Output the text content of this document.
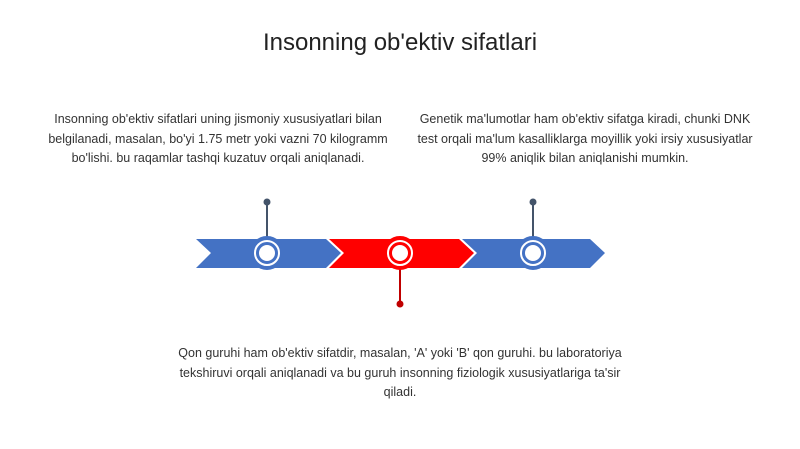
Insonning ob'ektiv sifatlari
Insonning ob'ektiv sifatlari uning jismoniy xususiyatlari bilan belgilanadi, masalan, bo'yi 1.75 metr yoki vazni 70 kilogramm bo'lishi. bu raqamlar tashqi kuzatuv orqali aniqlanadi.
Genetik ma'lumotlar ham ob'ektiv sifatga kiradi, chunki DNK test orqali ma'lum kasalliklarga moyillik yoki irsiy xususiyatlar 99% aniqlik bilan aniqlanishi mumkin.
Qon guruhi ham ob'ektiv sifatdir, masalan, 'A' yoki 'B' qon guruhi. bu laboratoriya tekshiruvi orqali aniqlanadi va bu guruh insonning fiziologik xususiyatlariga ta'sir qiladi.
